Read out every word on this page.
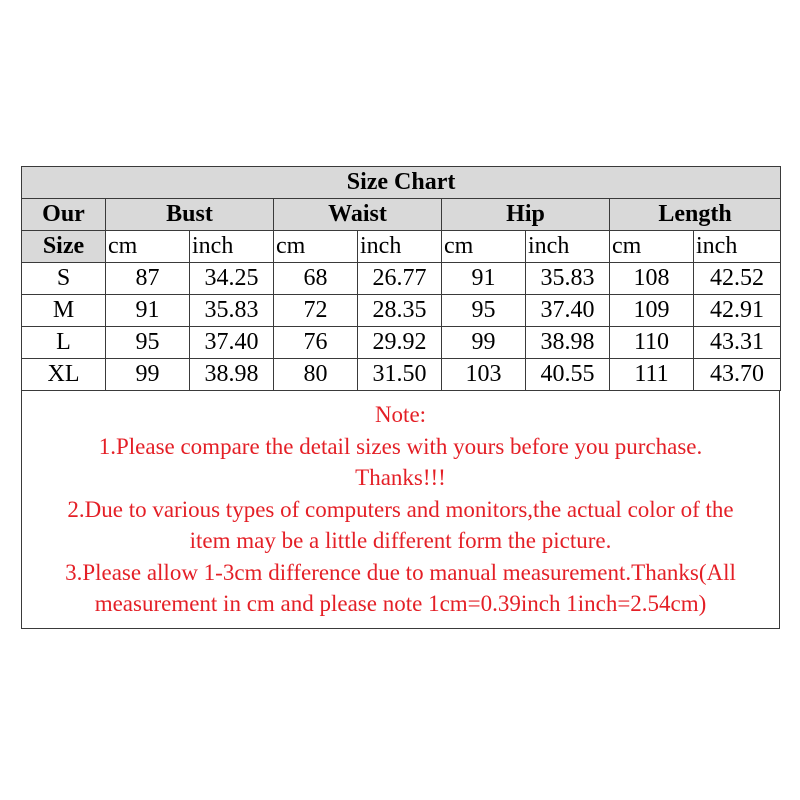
Size Chart								
Our	Bust		Waist		Hip		Length	
Size	cm	inch	cm	inch	cm	inch	cm	inch
S	87	34.25	68	26.77	91	35.83	108	42.52
M	91	35.83	72	28.35	95	37.40	109	42.91
L	95	37.40	76	29.92	99	38.98	110	43.31
XL	99	38.98	80	31.50	103	40.55	111	43.70

Note:

1.Please compare the detail sizes with yours before you purchase.

Thanks!!!

2.Due to various types of computers and monitors,the actual color of the

item may be a little different form the picture.

3.Please allow 1-3cm difference due to manual measurement.Thanks(All

measurement in cm and please note 1cm=0.39inch 1inch=2.54cm)
